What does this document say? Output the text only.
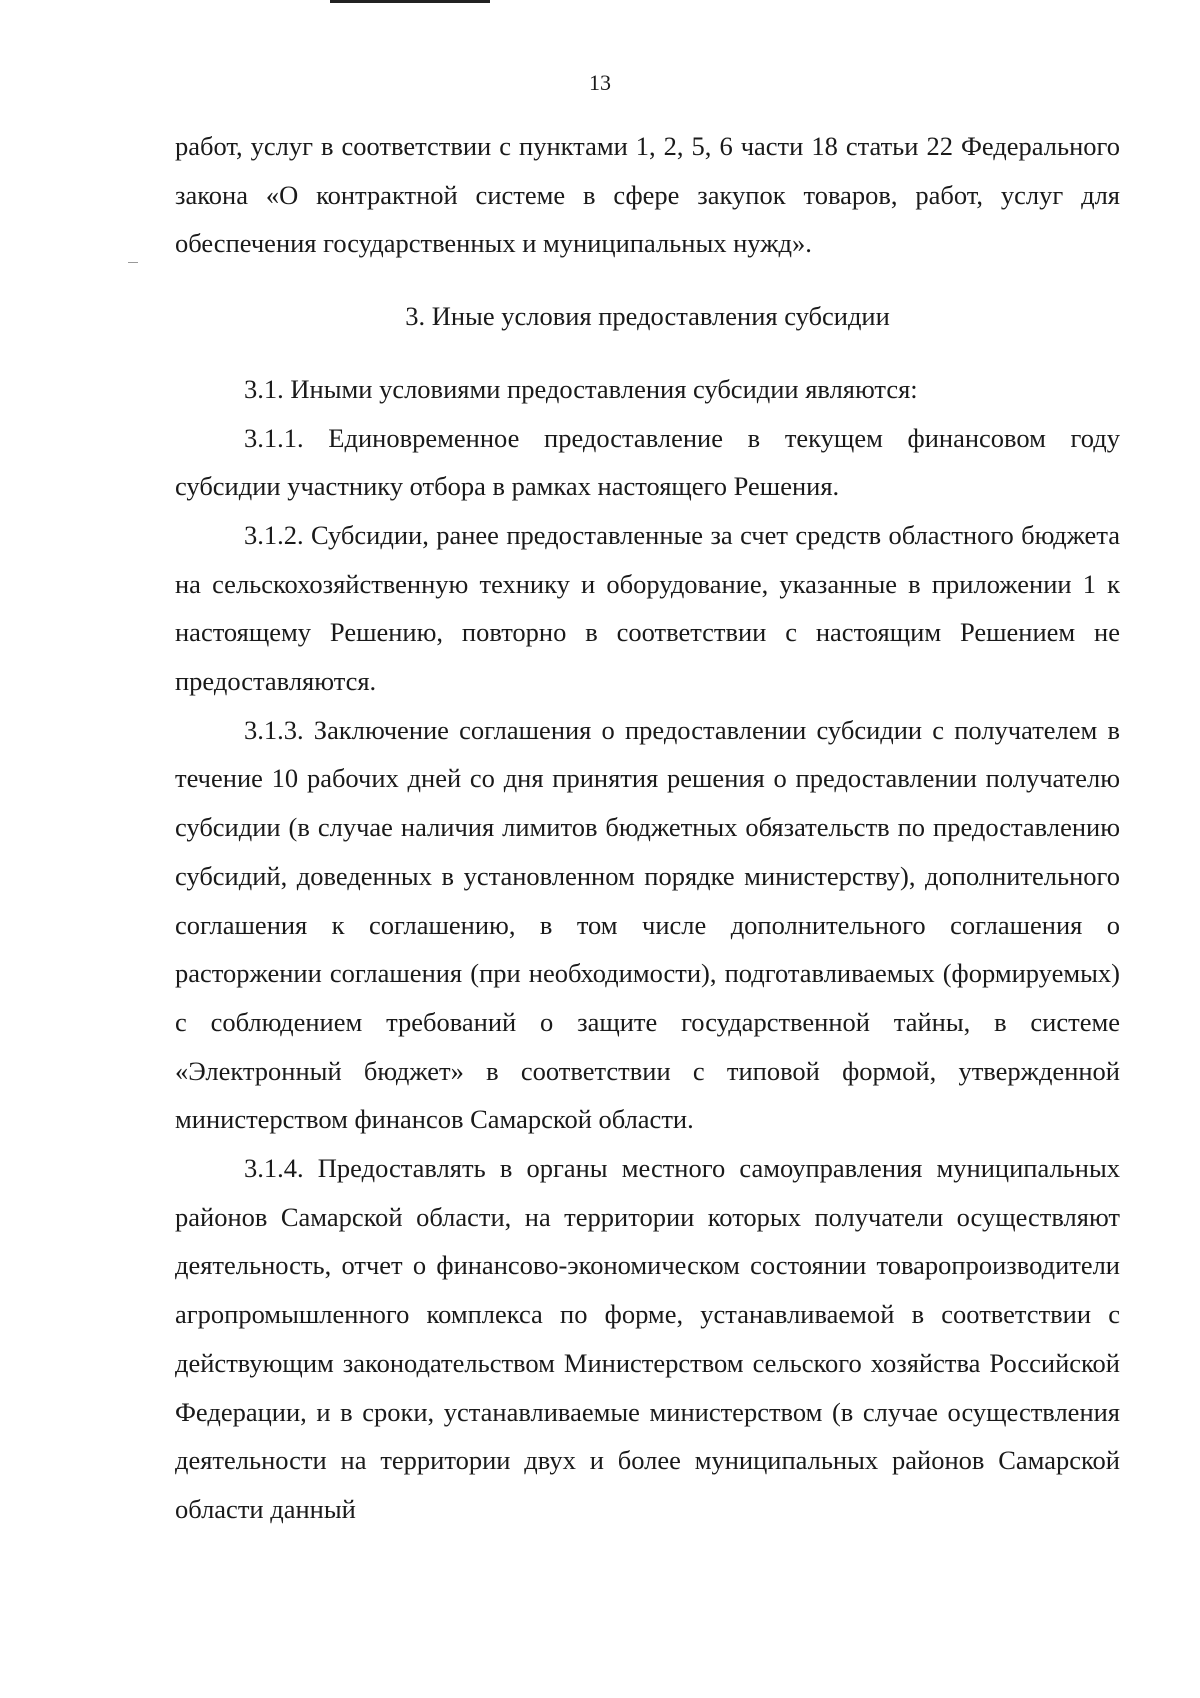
13

работ, услуг в соответствии с пунктами 1, 2, 5, 6 части 18 статьи 22 Федерального закона «О контрактной системе в сфере закупок товаров, работ, услуг для обеспечения государственных и муниципальных нужд».

3. Иные условия предоставления субсидии

3.1. Иными условиями предоставления субсидии являются:

3.1.1. Единовременное предоставление в текущем финансовом году субсидии участнику отбора в рамках настоящего Решения.

3.1.2. Субсидии, ранее предоставленные за счет средств областного бюджета на сельскохозяйственную технику и оборудование, указанные в приложении 1 к настоящему Решению, повторно в соответствии с настоящим Решением не предоставляются.

3.1.3. Заключение соглашения о предоставлении субсидии с получателем в течение 10 рабочих дней со дня принятия решения о предоставлении получателю субсидии (в случае наличия лимитов бюджетных обязательств по предоставлению субсидий, доведенных в установленном порядке министерству), дополнительного соглашения к соглашению, в том числе дополнительного соглашения о расторжении соглашения (при необходимости), подготавливаемых (формируемых) с соблюдением требований о защите государственной тайны, в системе «Электронный бюджет» в соответствии с типовой формой, утвержденной министерством финансов Самарской области.

3.1.4. Предоставлять в органы местного самоуправления муниципальных районов Самарской области, на территории которых получатели осуществляют деятельность, отчет о финансово-экономическом состоянии товаропроизводители агропромышленного комплекса по форме, устанавливаемой в соответствии с действующим законодательством Министерством сельского хозяйства Российской Федерации, и в сроки, устанавливаемые министерством (в случае осуществления деятельности на территории двух и более муниципальных районов Самарской области данный
